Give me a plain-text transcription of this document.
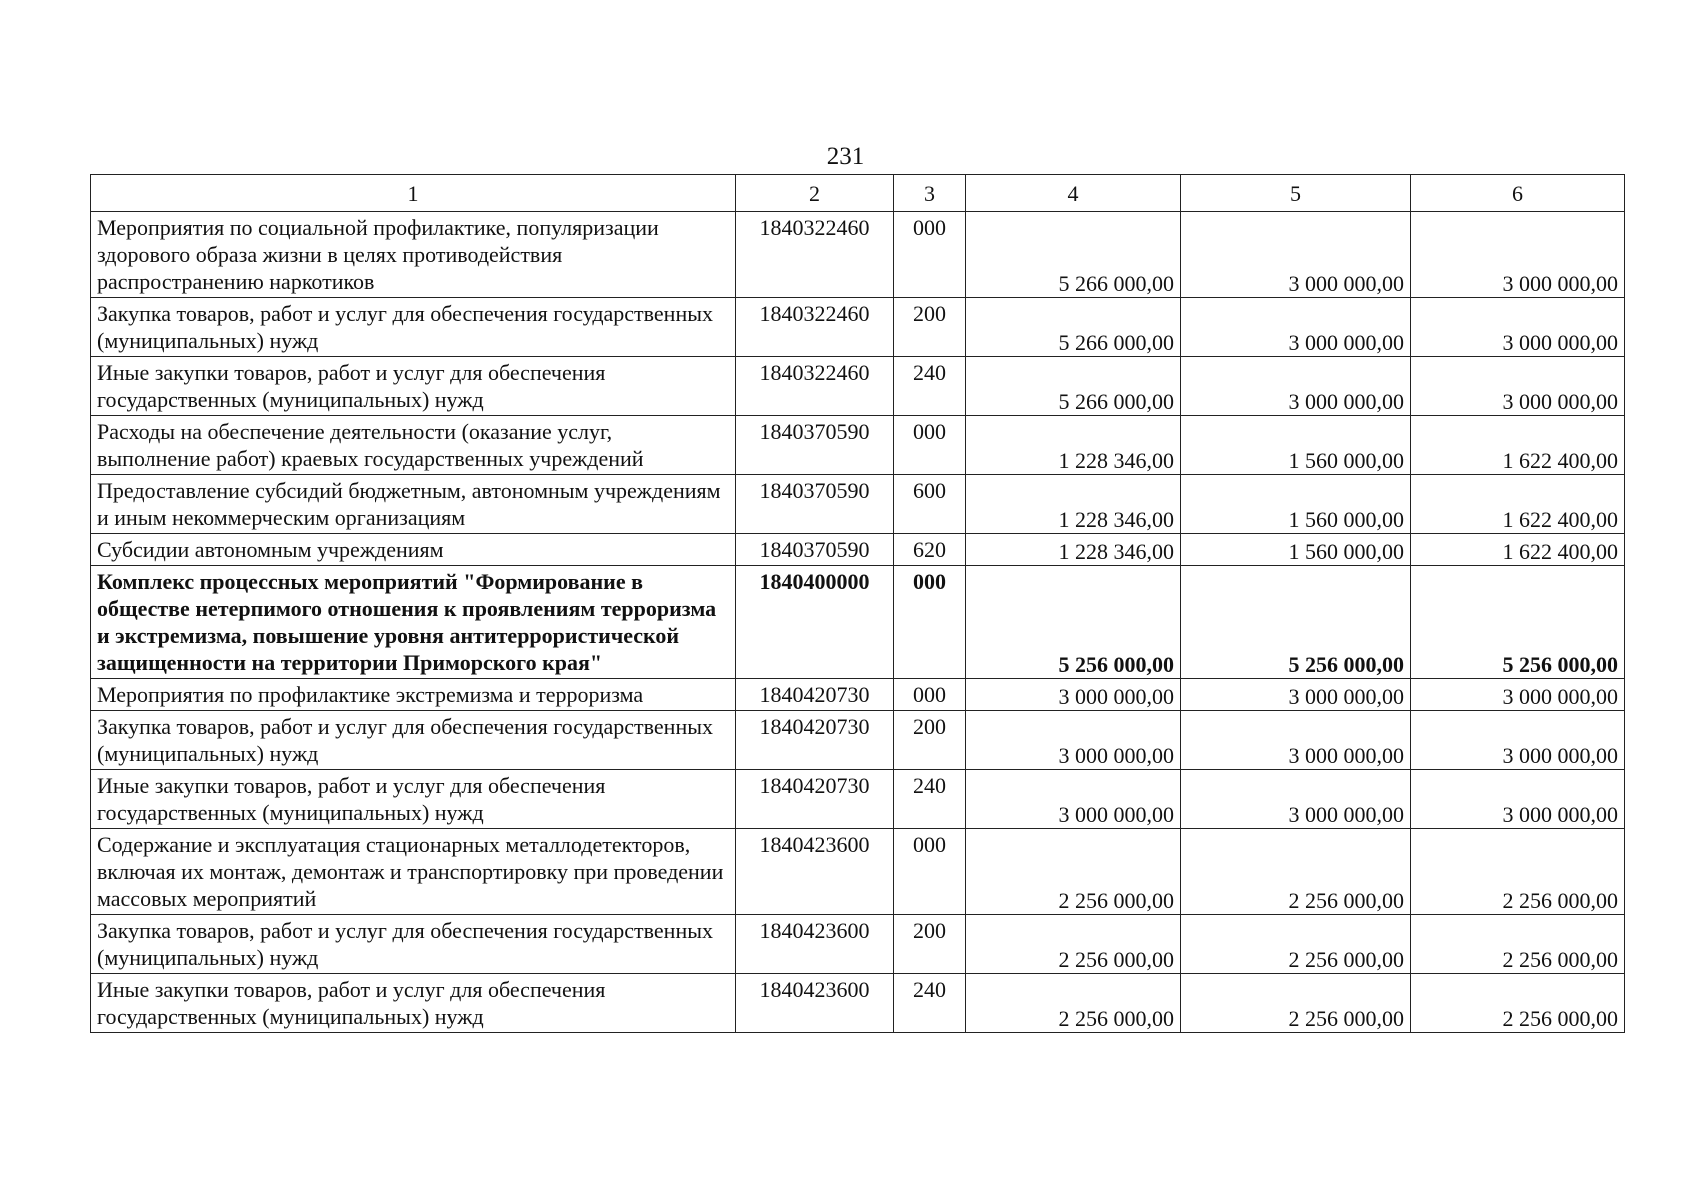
231
1	2	3	4	5	6
Мероприятия по социальной профилактике, популяризации здорового образа жизни в целях противодействия распространению наркотиков	1840322460	000	5 266 000,00	3 000 000,00	3 000 000,00
Закупка товаров, работ и услуг для обеспечения государственных (муниципальных) нужд	1840322460	200	5 266 000,00	3 000 000,00	3 000 000,00
Иные закупки товаров, работ и услуг для обеспечения государственных (муниципальных) нужд	1840322460	240	5 266 000,00	3 000 000,00	3 000 000,00
Расходы на обеспечение деятельности (оказание услуг, выполнение работ) краевых государственных учреждений	1840370590	000	1 228 346,00	1 560 000,00	1 622 400,00
Предоставление субсидий бюджетным, автономным учреждениям и иным некоммерческим организациям	1840370590	600	1 228 346,00	1 560 000,00	1 622 400,00
Субсидии автономным учреждениям	1840370590	620	1 228 346,00	1 560 000,00	1 622 400,00
Комплекс процессных мероприятий "Формирование в обществе нетерпимого отношения к проявлениям терроризма и экстремизма, повышение уровня антитеррористической защищенности на территории Приморского края"	1840400000	000	5 256 000,00	5 256 000,00	5 256 000,00
Мероприятия по профилактике экстремизма и терроризма	1840420730	000	3 000 000,00	3 000 000,00	3 000 000,00
Закупка товаров, работ и услуг для обеспечения государственных (муниципальных) нужд	1840420730	200	3 000 000,00	3 000 000,00	3 000 000,00
Иные закупки товаров, работ и услуг для обеспечения государственных (муниципальных) нужд	1840420730	240	3 000 000,00	3 000 000,00	3 000 000,00
Содержание и эксплуатация стационарных металлодетекторов, включая их монтаж, демонтаж и транспортировку при проведении массовых мероприятий	1840423600	000	2 256 000,00	2 256 000,00	2 256 000,00
Закупка товаров, работ и услуг для обеспечения государственных (муниципальных) нужд	1840423600	200	2 256 000,00	2 256 000,00	2 256 000,00
Иные закупки товаров, работ и услуг для обеспечения государственных (муниципальных) нужд	1840423600	240	2 256 000,00	2 256 000,00	2 256 000,00
